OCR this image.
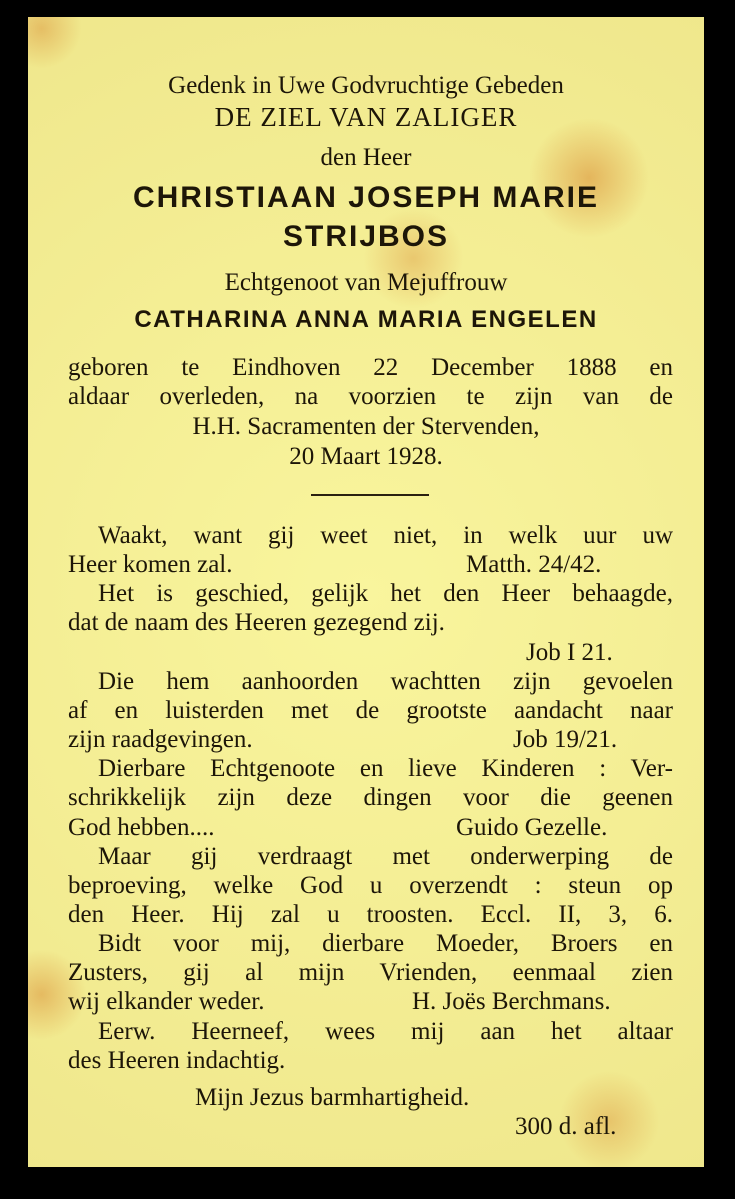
Gedenk in Uwe Godvruchtige Gebeden
DE ZIEL VAN ZALIGER
den Heer
CHRISTIAAN JOSEPH MARIE
STRIJBOS
Echtgenoot van Mejuffrouw
CATHARINA ANNA MARIA ENGELEN
geboren te Eindhoven 22 December 1888 en
aldaar overleden, na voorzien te zijn van de
H.H. Sacramenten der Stervenden,
20 Maart 1928.
Waakt, want gij weet niet, in welk uur uw
Heer komen zal.	Matth. 24/42.
Het is geschied, gelijk het den Heer behaagde,
dat de naam des Heeren gezegend zij.
Job I 21.
Die hem aanhoorden wachtten zijn gevoelen
af en luisterden met de grootste aandacht naar
zijn raadgevingen.	Job 19/21.
Dierbare Echtgenoote en lieve Kinderen : Ver-
schrikkelijk zijn deze dingen voor die geenen
God hebben....	Guido Gezelle.
Maar gij verdraagt met onderwerping de
beproeving, welke God u overzendt : steun op
den Heer. Hij zal u troosten. Eccl. II, 3, 6.
Bidt voor mij, dierbare Moeder, Broers en
Zusters, gij al mijn Vrienden, eenmaal zien
wij elkander weder.	H. Joës Berchmans.
Eerw. Heerneef, wees mij aan het altaar
des Heeren indachtig.
Mijn Jezus barmhartigheid.
300 d. afl.
